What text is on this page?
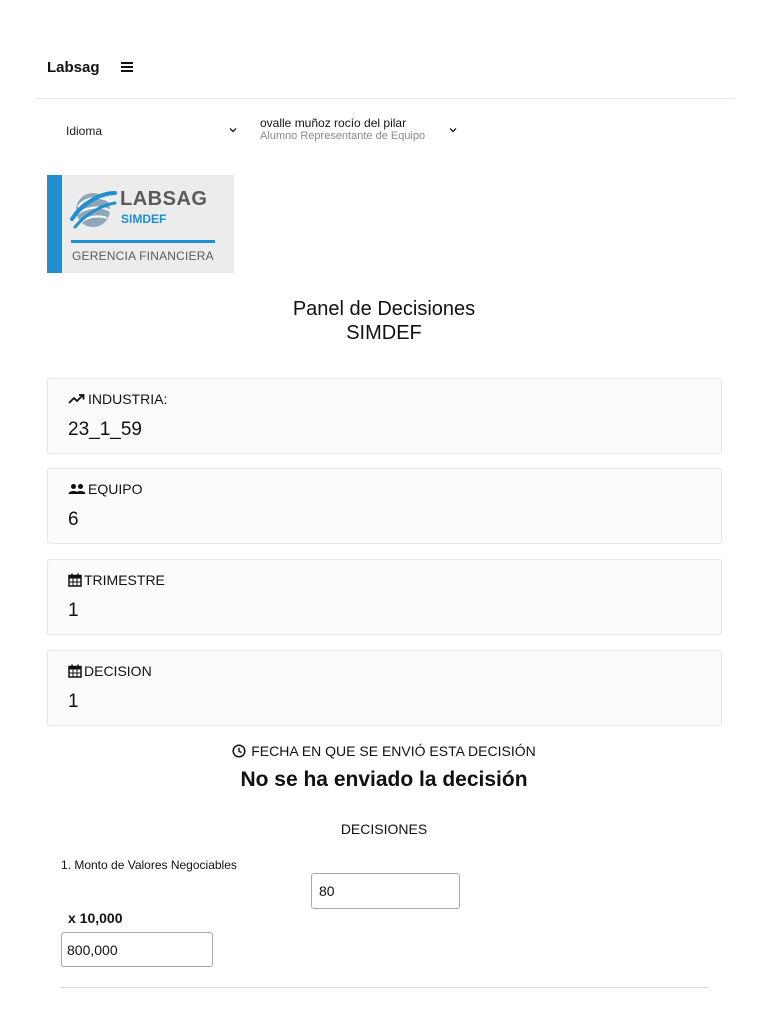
Labsag
Idioma
ovalle muñoz rocío del pilar
Alumno Representante de Equipo
LABSAG
SIMDEF
GERENCIA FINANCIERA
Panel de Decisiones
SIMDEF
INDUSTRIA:
23_1_59
EQUIPO
6
TRIMESTRE
1
DECISION
1
FECHA EN QUE SE ENVIÓ ESTA DECISIÓN
No se ha enviado la decisión
DECISIONES
1. Monto de Valores Negociables
80
x 10,000
800,000
